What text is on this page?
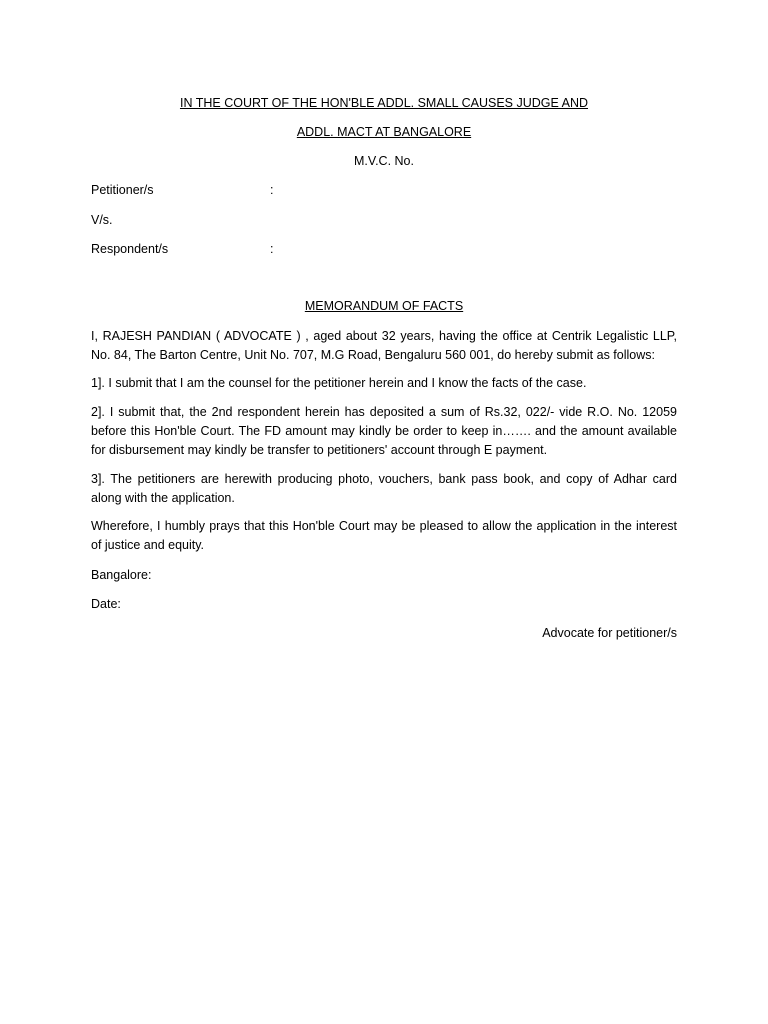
IN THE COURT OF THE HON'BLE ADDL. SMALL CAUSES JUDGE AND
ADDL. MACT AT BANGALORE
M.V.C. No.
Petitioner/s	:
V/s.
Respondent/s	:
MEMORANDUM OF FACTS
I, RAJESH PANDIAN ( ADVOCATE ) , aged about 32 years, having the office at Centrik Legalistic LLP, No. 84, The Barton Centre, Unit No. 707, M.G Road, Bengaluru 560 001, do hereby submit as follows:
1]. I submit that I am the counsel for the petitioner herein and I know the facts of the case.
2]. I submit that, the 2nd respondent herein has deposited a sum of Rs.32, 022/- vide R.O. No. 12059 before this Hon'ble Court. The FD amount may kindly be order to keep in……. and the amount available for disbursement may kindly be transfer to petitioners' account through E payment.
3]. The petitioners are herewith producing photo, vouchers, bank pass book, and copy of Adhar card along with the application.
Wherefore, I humbly prays that this Hon'ble Court may be pleased to allow the application in the interest of justice and equity.
Bangalore:
Date:
Advocate for petitioner/s
